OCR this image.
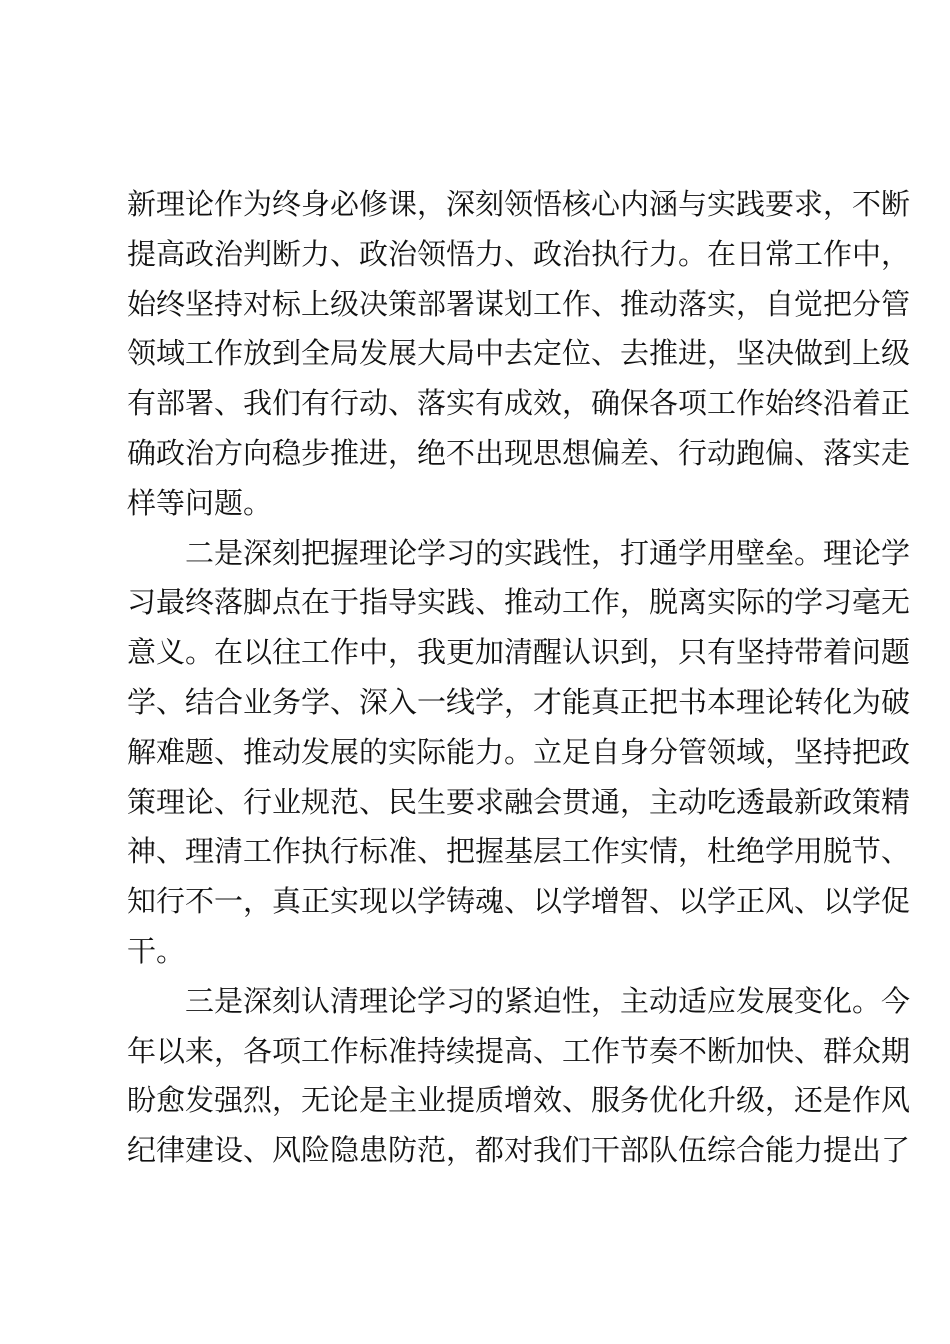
新理论作为终身必修课，深刻领悟核心内涵与实践要求，不断
提高政治判断力、政治领悟力、政治执行力。在日常工作中，
始终坚持对标上级决策部署谋划工作、推动落实，自觉把分管
领域工作放到全局发展大局中去定位、去推进，坚决做到上级
有部署、我们有行动、落实有成效，确保各项工作始终沿着正
确政治方向稳步推进，绝不出现思想偏差、行动跑偏、落实走
样等问题。
二是深刻把握理论学习的实践性，打通学用壁垒。理论学
习最终落脚点在于指导实践、推动工作，脱离实际的学习毫无
意义。在以往工作中，我更加清醒认识到，只有坚持带着问题
学、结合业务学、深入一线学，才能真正把书本理论转化为破
解难题、推动发展的实际能力。立足自身分管领域，坚持把政
策理论、行业规范、民生要求融会贯通，主动吃透最新政策精
神、理清工作执行标准、把握基层工作实情，杜绝学用脱节、
知行不一，真正实现以学铸魂、以学增智、以学正风、以学促
干。
三是深刻认清理论学习的紧迫性，主动适应发展变化。今
年以来，各项工作标准持续提高、工作节奏不断加快、群众期
盼愈发强烈，无论是主业提质增效、服务优化升级，还是作风
纪律建设、风险隐患防范，都对我们干部队伍综合能力提出了
